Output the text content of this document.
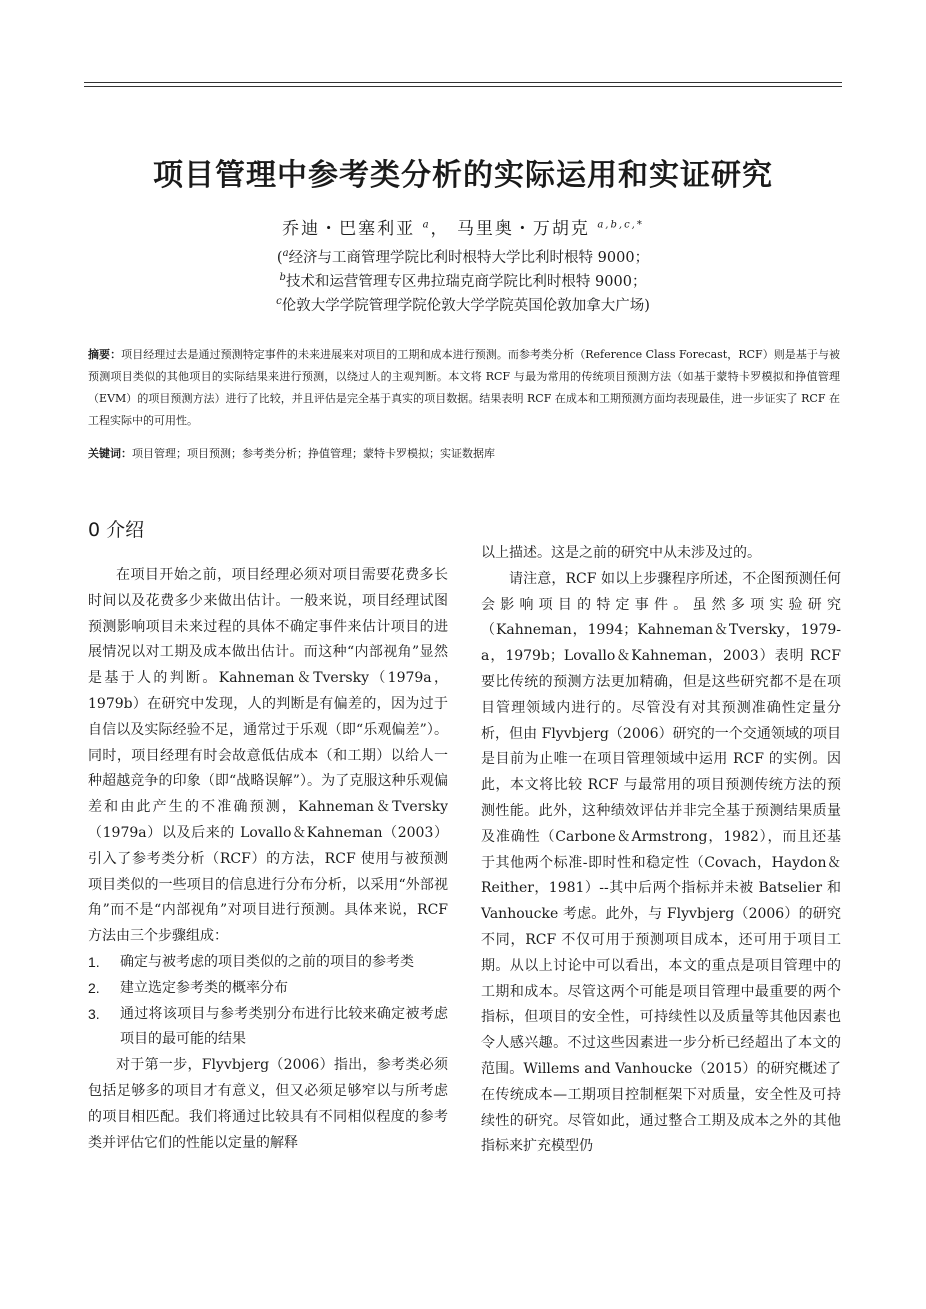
项目管理中参考类分析的实际运用和实证研究
乔迪・巴塞利亚 $^a$， 马里奥・万胡克 $^{a,b,c,*}$
($^a$经济与工商管理学院比利时根特大学比利时根特 9000；
$^b$技术和运营管理专区弗拉瑞克商学院比利时根特 9000；
$^c$伦敦大学学院管理学院伦敦大学学院英国伦敦加拿大广场)
摘要：项目经理过去是通过预测特定事件的未来进展来对项目的工期和成本进行预测。而参考类分析（Reference Class Forecast，RCF）则是基于与被预测项目类似的其他项目的实际结果来进行预测，以绕过人的主观判断。本文将 RCF 与最为常用的传统项目预测方法（如基于蒙特卡罗模拟和挣值管理（EVM）的项目预测方法）进行了比较，并且评估是完全基于真实的项目数据。结果表明 RCF 在成本和工期预测方面均表现最佳，进一步证实了 RCF 在工程实际中的可用性。
关键词：项目管理；项目预测；参考类分析；挣值管理；蒙特卡罗模拟；实证数据库
0 介绍

在项目开始之前，项目经理必须对项目需要花费多长时间以及花费多少来做出估计。一般来说，项目经理试图预测影响项目未来过程的具体不确定事件来估计项目的进展情况以对工期及成本做出估计。而这种“内部视角”显然是基于人的判断。Kahneman＆Tversky（1979a，1979b）在研究中发现，人的判断是有偏差的，因为过于自信以及实际经验不足，通常过于乐观（即“乐观偏差”）。同时，项目经理有时会故意低估成本（和工期）以给人一种超越竞争的印象（即“战略误解”）。为了克服这种乐观偏差和由此产生的不准确预测，Kahneman＆Tversky（1979a）以及后来的 Lovallo＆Kahneman（2003）引入了参考类分析（RCF）的方法，RCF 使用与被预测项目类似的一些项目的信息进行分布分析，以采用“外部视角”而不是“内部视角”对项目进行预测。具体来说，RCF 方法由三个步骤组成：

1. 确定与被考虑的项目类似的之前的项目的参考类
2. 建立选定参考类的概率分布
3. 通过将该项目与参考类别分布进行比较来确定被考虑项目的最可能的结果

对于第一步，Flyvbjerg（2006）指出，参考类必须包括足够多的项目才有意义，但又必须足够窄以与所考虑的项目相匹配。我们将通过比较具有不同相似程度的参考类并评估它们的性能以定量的解释

以上描述。这是之前的研究中从未涉及过的。

请注意，RCF 如以上步骤程序所述，不企图预测任何会影响项目的特定事件。虽然多项实验研究（Kahneman，1994；Kahneman＆Tversky，1979-a，1979b；Lovallo＆Kahneman，2003）表明 RCF 要比传统的预测方法更加精确，但是这些研究都不是在项目管理领域内进行的。尽管没有对其预测准确性定量分析，但由 Flyvbjerg（2006）研究的一个交通领域的项目是目前为止唯一在项目管理领域中运用 RCF 的实例。因此，本文将比较 RCF 与最常用的项目预测传统方法的预测性能。此外，这种绩效评估并非完全基于预测结果质量及准确性（Carbone＆Armstrong，1982），而且还基于其他两个标准-即时性和稳定性（Covach，Haydon＆Reither，1981）--其中后两个指标并未被 Batselier 和 Vanhoucke 考虑。此外，与 Flyvbjerg（2006）的研究不同，RCF 不仅可用于预测项目成本，还可用于项目工期。从以上讨论中可以看出，本文的重点是项目管理中的工期和成本。尽管这两个可能是项目管理中最重要的两个指标，但项目的安全性，可持续性以及质量等其他因素也令人感兴趣。不过这些因素进一步分析已经超出了本文的范围。Willems and Vanhoucke（2015）的研究概述了在传统成本—工期项目控制框架下对质量，安全性及可持续性的研究。尽管如此，通过整合工期及成本之外的其他指标来扩充模型仍
